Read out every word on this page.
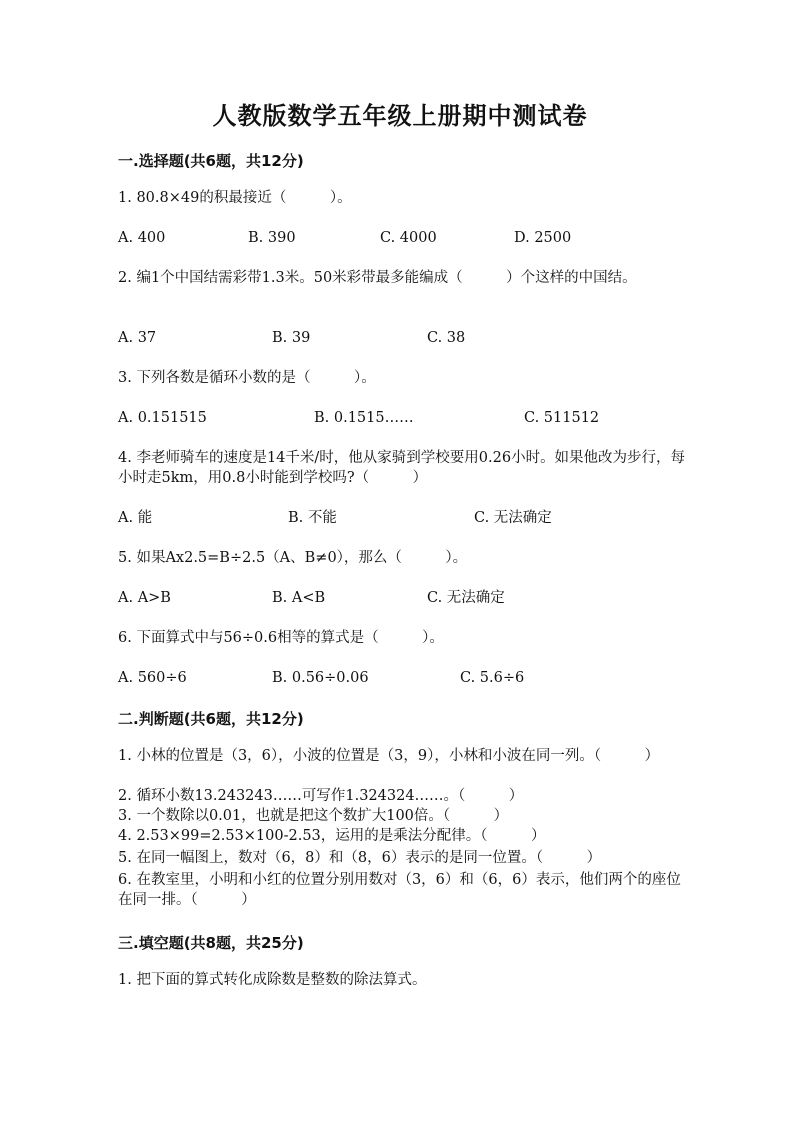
人教版数学五年级上册期中测试卷
一.选择题(共6题，共12分)
1. 80.8×49的积最接近（　　　）。
A. 400	B. 390	C. 4000	D. 2500
2. 编1个中国结需彩带1.3米。50米彩带最多能编成（　　　）个这样的中国结。
A. 37	B. 39	C. 38
3. 下列各数是循环小数的是（　　　）。
A. 0.151515	B. 0.1515……	C. 511512
4. 李老师骑车的速度是14千米/时，他从家骑到学校要用0.26小时。如果他改为步行，每小时走5km，用0.8小时能到学校吗?（　　　）
A. 能	B. 不能	C. 无法确定
5. 如果Ax2.5=B÷2.5（A、B≠0），那么（　　　）。
A. A>B	B. A<B	C. 无法确定
6. 下面算式中与56÷0.6相等的算式是（　　　）。
A. 560÷6	B. 0.56÷0.06	C. 5.6÷6
二.判断题(共6题，共12分)
1. 小林的位置是（3，6），小波的位置是（3，9），小林和小波在同一列。（　　　）
2. 循环小数13.243243……可写作1.324324……。（　　　）
3. 一个数除以0.01，也就是把这个数扩大100倍。（　　　）
4. 2.53×99=2.53×100-2.53，运用的是乘法分配律。（　　　）
5. 在同一幅图上，数对（6，8）和（8，6）表示的是同一位置。（　　　）
6. 在教室里，小明和小红的位置分别用数对（3，6）和（6，6）表示，他们两个的座位在同一排。（　　　）
三.填空题(共8题，共25分)
1. 把下面的算式转化成除数是整数的除法算式。
